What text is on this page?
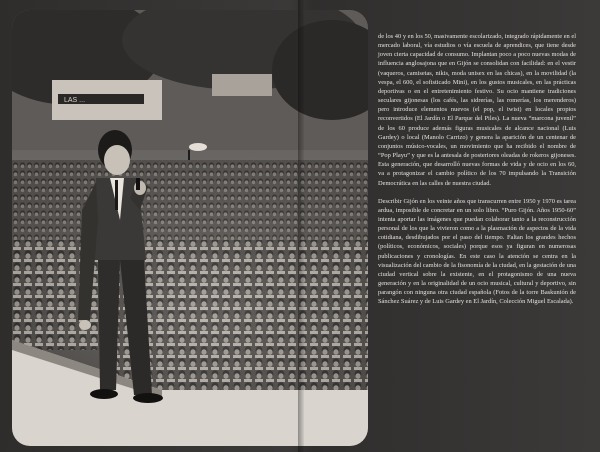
LAS ...

de los 40 y en los 50, masivamente escolarizado, integrado rápidamente en el mercado laboral, vía estudios o vía escuela de aprendices, que tiene desde joven cierta capacidad de consumo. Implantan poco a poco nuevas modas de influencia anglosajona que en Gijón se consolidan con facilidad: en el vestir (vaqueros, camisetas, nikis, moda unisex en las chicas), en la movilidad (la vespa, el 600, el sofisticado Mini), en los gustos musicales, en las prácticas deportivas o en el entretenimiento festivo. Su ocio mantiene tradiciones seculares gijonesas (los cafés, las sidrerías, las romerías, los merenderos) pero introduce elementos nuevos (el pop, el twist) en locales propios reconvertidos (El Jardín o El Parque del Piles). La nueva “marcona juvenil” de los 60 produce además figuras musicales de alcance nacional (Luis Gardey) o local (Manolo Carrizo) y genera la aparición de un centenar de conjuntos músico-vocales, un movimiento que ha recibido el nombre de “Pop Playu” y que es la antesala de posteriores oleadas de rokeros gijoneses. Esta generación, que desarrolló nuevas formas de vida y de ocio en los 60, va a protagonizar el cambio político de los 70 impulsando la Transición Democrática en las calles de nuestra ciudad.

Describir Gijón en los veinte años que transcurren entre 1950 y 1970 es tarea ardua, imposible de concretar en un solo libro. “Puro Gijón. Años 1950-60” intenta aportar las imágenes que puedan colaborar tanto a la reconstrucción personal de los que la vivieron como a la plasmación de aspectos de la vida cotidiana, desdibujados por el paso del tiempo. Faltan los grandes hechos (políticos, económicos, sociales) porque esos ya figuran en numerosas publicaciones y cronologías. En este caso la atención se centra en la visualización del cambio de la fisonomía de la ciudad, en la gestación de una ciudad vertical sobre la existente, en el protagonismo de una nueva generación y en la originalidad de un ocio musical, cultural y deportivo, sin parangón con ninguna otra ciudad española (Fotos de la torre Baskunión de Sánchez Suárez y de Luis Gardey en El Jardín, Colección Miguel Escalada).
